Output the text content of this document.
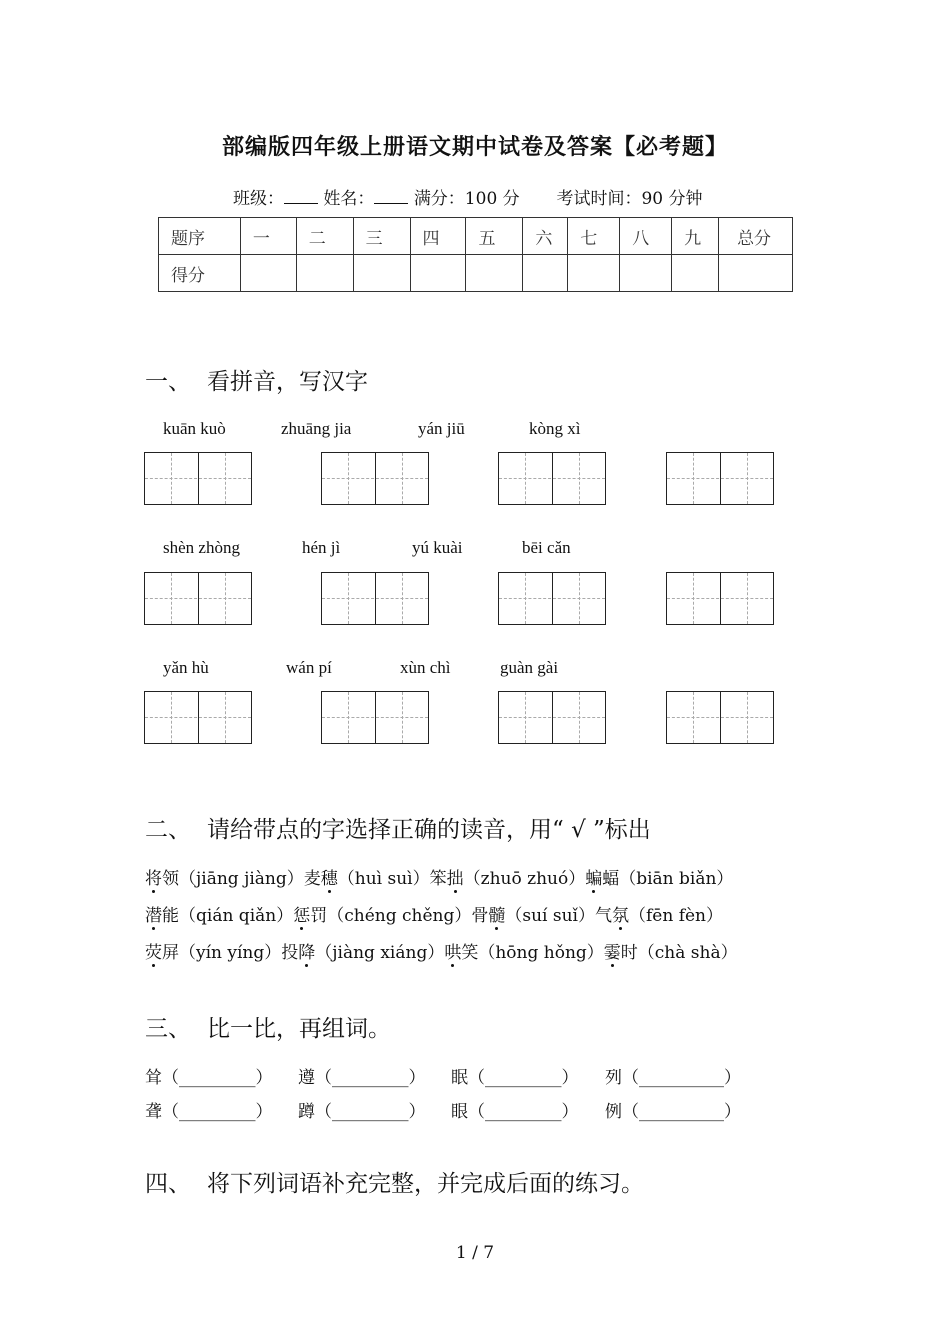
部编版四年级上册语文期中试卷及答案【必考题】
班级： 姓名： 满分：100 分 考试时间：90 分钟
题序	一	二	三	四	五	六	七	八	九	总分
得分										
一、 看拼音，写汉字
kuān kuò	zhuāng jia	yán jiū	kòng xì
shèn zhòng	hén jì	yú kuài	bēi cǎn
yǎn hù	wán pí	xùn chì	guàn gài
二、 请给带点的字选择正确的读音，用“ √ ”标出
将领（jiāng jiàng）麦穗（huì suì）笨拙（zhuō zhuó）蝙蝠（biān biǎn）
潜能（qián qiǎn）惩罚（chéng chěng）骨髓（suí suǐ）气氛（fēn fèn）
荧屏（yín yíng）投降（jiàng xiáng）哄笑（hōng hǒng）霎时（chà shà）
三、 比一比，再组词。
耸（_________） 遵（_________） 眠（_________） 列（__________）
聋（_________） 蹲（_________） 眼（_________） 例（__________）
四、 将下列词语补充完整，并完成后面的练习。
1 / 7
